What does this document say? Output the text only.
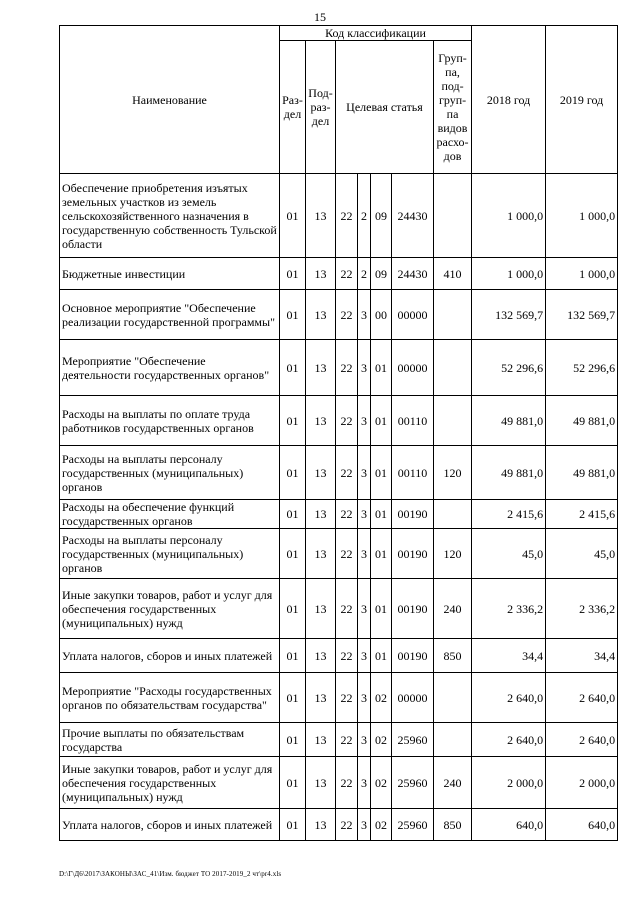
15
Наименование	Код классификации							2018 год	2019 год
	Раз-дел	Под-раз-дел	Целевая статья				Груп-па, под-груп-па видов расхо-дов		
Обеспечение приобретения изъятых земельных участков из земель сельскохозяйственного назначения в государственную собственность Тульской области	01	13	22	2	09	24430		1 000,0	1 000,0
Бюджетные инвестиции	01	13	22	2	09	24430	410	1 000,0	1 000,0
Основное мероприятие "Обеспечение реализации государственной программы"	01	13	22	3	00	00000		132 569,7	132 569,7
Мероприятие "Обеспечение деятельности государственных органов"	01	13	22	3	01	00000		52 296,6	52 296,6
Расходы на выплаты по оплате труда работников государственных органов	01	13	22	3	01	00110		49 881,0	49 881,0
Расходы на выплаты персоналу государственных (муниципальных) органов	01	13	22	3	01	00110	120	49 881,0	49 881,0
Расходы на обеспечение функций государственных органов	01	13	22	3	01	00190		2 415,6	2 415,6
Расходы на выплаты персоналу государственных (муниципальных) органов	01	13	22	3	01	00190	120	45,0	45,0
Иные закупки товаров, работ и услуг для обеспечения государственных (муниципальных) нужд	01	13	22	3	01	00190	240	2 336,2	2 336,2
Уплата налогов, сборов и иных платежей	01	13	22	3	01	00190	850	34,4	34,4
Мероприятие "Расходы государственных органов по обязательствам государства"	01	13	22	3	02	00000		2 640,0	2 640,0
Прочие выплаты по обязательствам государства	01	13	22	3	02	25960		2 640,0	2 640,0
Иные закупки товаров, работ и услуг для обеспечения государственных (муниципальных) нужд	01	13	22	3	02	25960	240	2 000,0	2 000,0
Уплата налогов, сборов и иных платежей	01	13	22	3	02	25960	850	640,0	640,0
D:\Г\Д6\2017\ЗАКОНЫ\ЗАС_41\Изм. бюджет ТО 2017-2019_2 чт\pr4.xls
